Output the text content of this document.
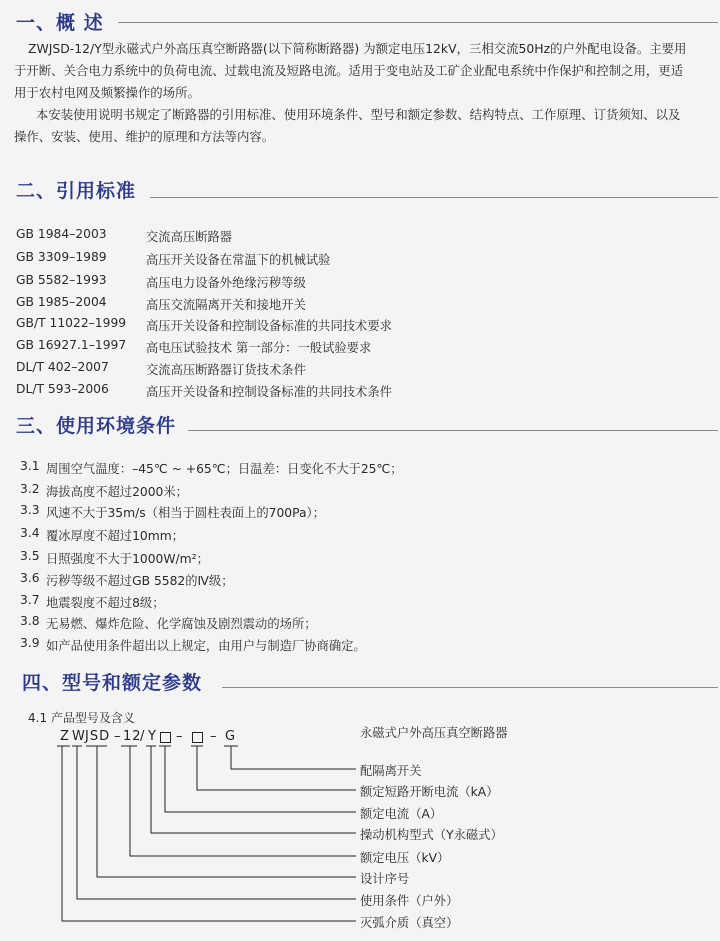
一、概 述
ZWJSD-12/Y型永磁式户外高压真空断路器(以下简称断路器) 为额定电压12kV，三相交流50Hz的户外配电设备。主要用
于开断、关合电力系统中的负荷电流、过载电流及短路电流。适用于变电站及工矿企业配电系统中作保护和控制之用，更适
用于农村电网及频繁操作的场所。
本安装使用说明书规定了断路器的引用标准、使用环境条件、型号和额定参数、结构特点、工作原理、订货须知、以及
操作、安装、使用、维护的原理和方法等内容。
二、引用标准
GB 1984–2003	交流高压断路器
GB 3309–1989	高压开关设备在常温下的机械试验
GB 5582–1993	高压电力设备外绝缘污秽等级
GB 1985–2004	高压交流隔离开关和接地开关
GB/T 11022–1999 高压开关设备和控制设备标准的共同技术要求
GB 16927.1–1997 高电压试验技术 第一部分：一般试验要求
DL/T 402–2007	交流高压断路器订货技术条件
DL/T 593–2006	高压开关设备和控制设备标准的共同技术条件
三、使用环境条件
3.1 周围空气温度：–45℃ ~ +65℃；日温差：日变化不大于25℃；
3.2 海拔高度不超过2000米；
3.3 风速不大于35m/s（相当于圆柱表面上的700Pa）；
3.4 覆冰厚度不超过10mm；
3.5 日照强度不大于1000W/m²；
3.6 污秽等级不超过GB 5582的Ⅳ级；
3.7 地震裂度不超过8级；
3.8 无易燃、爆炸危险、化学腐蚀及剧烈震动的场所；
3.9 如产品使用条件超出以上规定，由用户与制造厂协商确定。
四、型号和额定参数
4.1 产品型号及含义
Z W JSD – 12
/ Y – – G	永磁式户外高压真空断路器
配隔离开关
额定短路开断电流（kA）
额定电流（A）
操动机构型式（Y永磁式）
额定电压（kV）
设计序号
使用条件（户外）
灭弧介质（真空）
